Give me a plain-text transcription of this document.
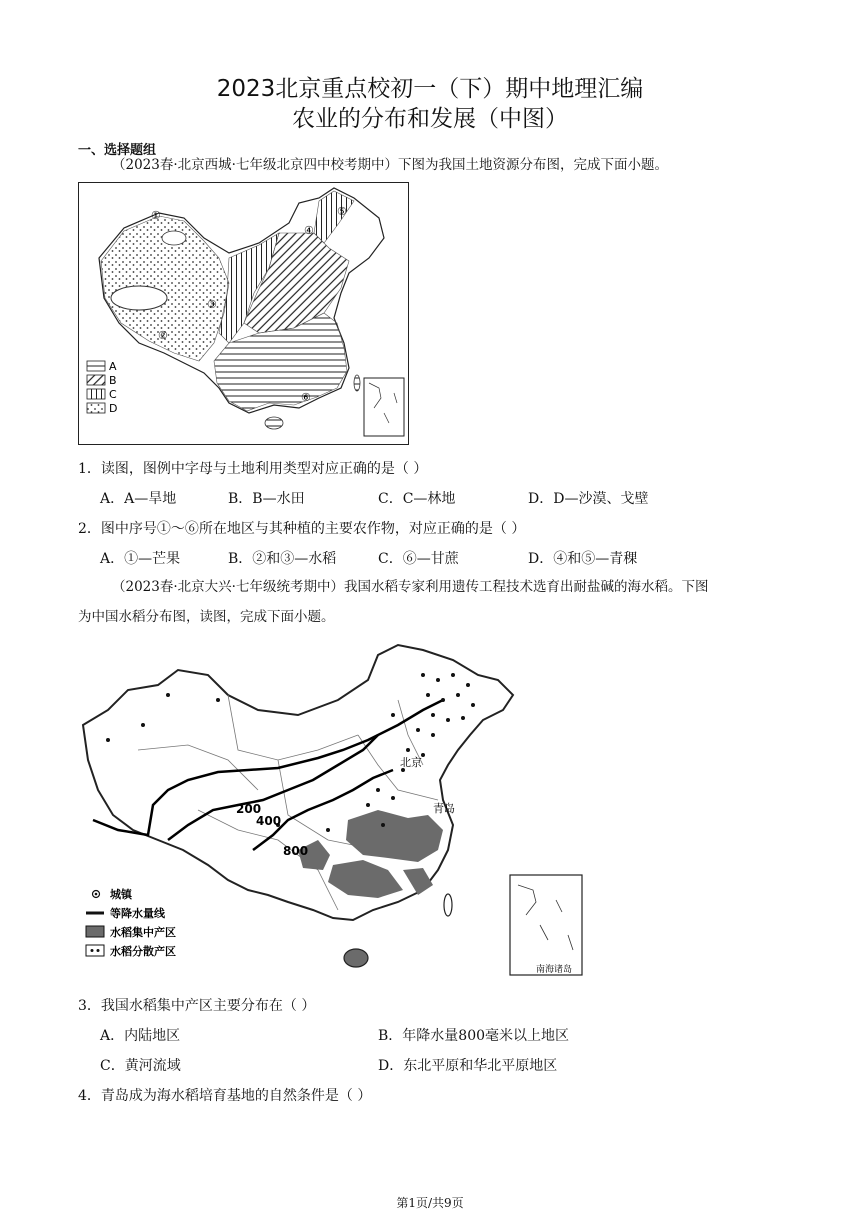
2023北京重点校初一（下）期中地理汇编
农业的分布和发展（中图）
一、选择题组
（2023春·北京西城·七年级北京四中校考期中）下图为我国土地资源分布图，完成下面小题。
①
②
③
④
⑤
⑥
A
B
C
D
1．读图，图例中字母与土地利用类型对应正确的是（ ）
A．A—旱地	B．B—水田	C．C—林地	D．D—沙漠、戈壁
2．图中序号①～⑥所在地区与其种植的主要农作物，对应正确的是（ ）
A．①—芒果	B．②和③—水稻	C．⑥—甘蔗	D．④和⑤—青稞
（2023春·北京大兴·七年级统考期中）我国水稻专家利用遗传工程技术选育出耐盐碱的海水稻。下图
为中国水稻分布图，读图，完成下面小题。
南海诸岛
北京
青岛
200
400
800
城镇
等降水量线
水稻集中产区
水稻分散产区
3．我国水稻集中产区主要分布在（ ）
A．内陆地区	B．年降水量800毫米以上地区
C．黄河流域	D．东北平原和华北平原地区
4．青岛成为海水稻培育基地的自然条件是（ ）
第1页/共9页
